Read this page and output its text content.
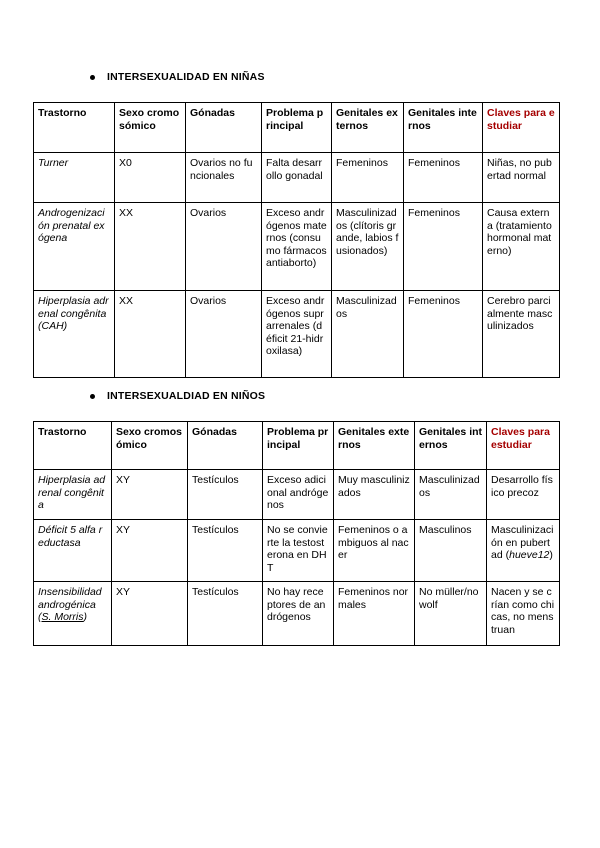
INTERSEXUALIDAD EN NIÑAS
Trastorno	Sexo cromosómico	Gónadas	Problema principal	Genitales externos	Genitales internos	Claves para estudiar
Turner	X0	Ovarios no funcionales	Falta desarrollo gonadal	Femeninos	Femeninos	Niñas, no pubertad normal
Androgenización prenatal exógena	XX	Ovarios	Exceso andrógenos maternos (consumo fármacos antiaborto)	Masculinizados (clítoris grande, labios fusionados)	Femeninos	Causa externa (tratamiento hormonal materno)
Hiperplasia adrenal congênita (CAH)	XX	Ovarios	Exceso andrógenos suprarrenales (déficit 21-hidroxilasa)	Masculinizados	Femeninos	Cerebro parcialmente masculinizados
INTERSEXUALDIAD EN NIÑOS
Trastorno	Sexo cromosómico	Gónadas	Problema principal	Genitales externos	Genitales internos	Claves para estudiar
Hiperplasia adrenal congênita	XY	Testículos	Exceso adicional andrógenos	Muy masculinizados	Masculinizados	Desarrollo físico precoz
Déficit 5 alfa reductasa	XY	Testículos	No se convierte la testosterona en DHT	Femeninos o ambiguos al nacer	Masculinos	Masculinización en pubertad (hueve12)
Insensibilidad androgénica (S. Morris)	XY	Testículos	No hay receptores de andrógenos	Femeninos normales	No müller/no wolf	Nacen y se crían como chicas, no menstruan
